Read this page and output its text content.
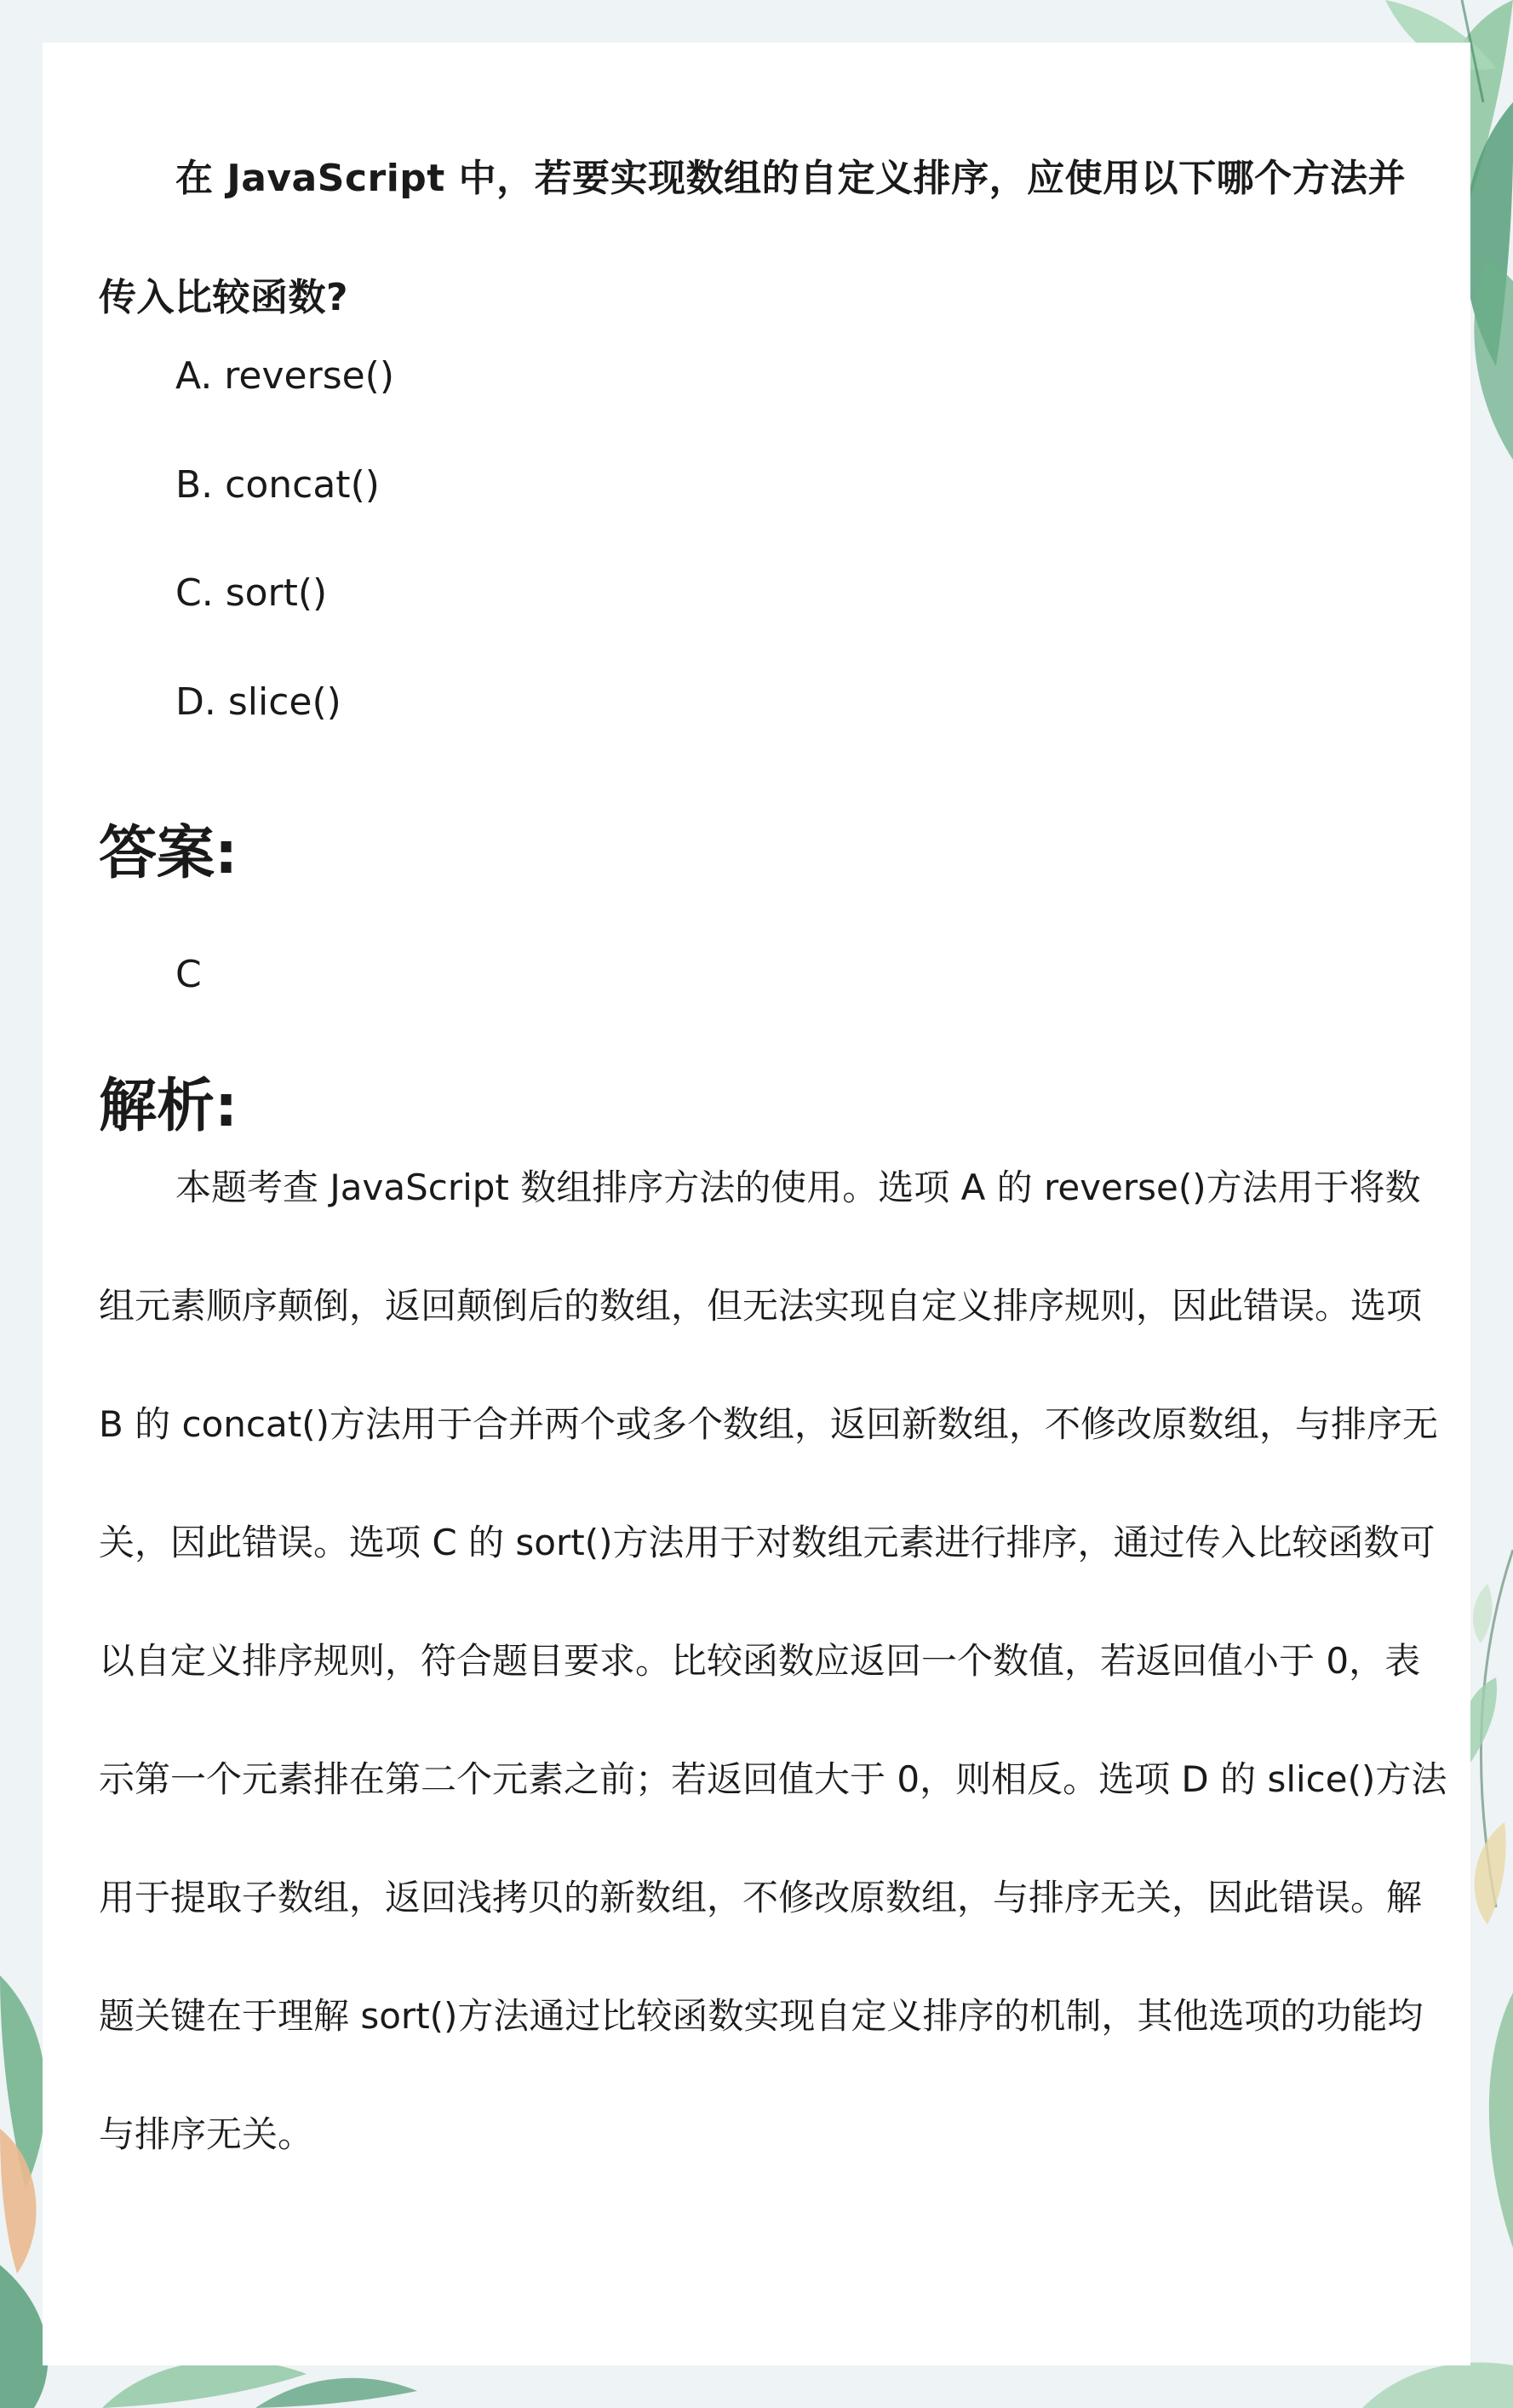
在 JavaScript 中，若要实现数组的自定义排序，应使用以下哪个方法并传入比较函数?

A. reverse()
B. concat()
C. sort()
D. slice()
答案:
C
解析:

本题考查 JavaScript 数组排序方法的使用。选项 A 的 reverse()方法用于将数组元素顺序颠倒，返回颠倒后的数组，但无法实现自定义排序规则，因此错误。选项 B 的 concat()方法用于合并两个或多个数组，返回新数组，不修改原数组，与排序无关，因此错误。选项 C 的 sort()方法用于对数组元素进行排序，通过传入比较函数可以自定义排序规则，符合题目要求。比较函数应返回一个数值，若返回值小于 0，表示第一个元素排在第二个元素之前；若返回值大于 0，则相反。选项 D 的 slice()方法用于提取子数组，返回浅拷贝的新数组，不修改原数组，与排序无关，因此错误。解题关键在于理解 sort()方法通过比较函数实现自定义排序的机制，其他选项的功能均与排序无关。
